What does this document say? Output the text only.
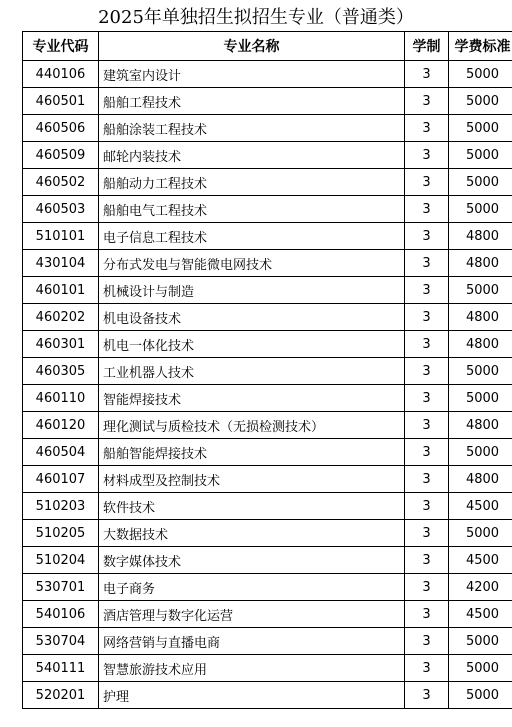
2025年单独招生拟招生专业（普通类）
专业代码	专业名称	学制	学费标准
440106	建筑室内设计	3	5000
460501	船舶工程技术	3	5000
460506	船舶涂装工程技术	3	5000
460509	邮轮内装技术	3	5000
460502	船舶动力工程技术	3	5000
460503	船舶电气工程技术	3	5000
510101	电子信息工程技术	3	4800
430104	分布式发电与智能微电网技术	3	4800
460101	机械设计与制造	3	5000
460202	机电设备技术	3	4800
460301	机电一体化技术	3	4800
460305	工业机器人技术	3	5000
460110	智能焊接技术	3	5000
460120	理化测试与质检技术（无损检测技术）	3	4800
460504	船舶智能焊接技术	3	5000
460107	材料成型及控制技术	3	4800
510203	软件技术	3	4500
510205	大数据技术	3	5000
510204	数字媒体技术	3	4500
530701	电子商务	3	4200
540106	酒店管理与数字化运营	3	4500
530704	网络营销与直播电商	3	5000
540111	智慧旅游技术应用	3	5000
520201	护理	3	5000
